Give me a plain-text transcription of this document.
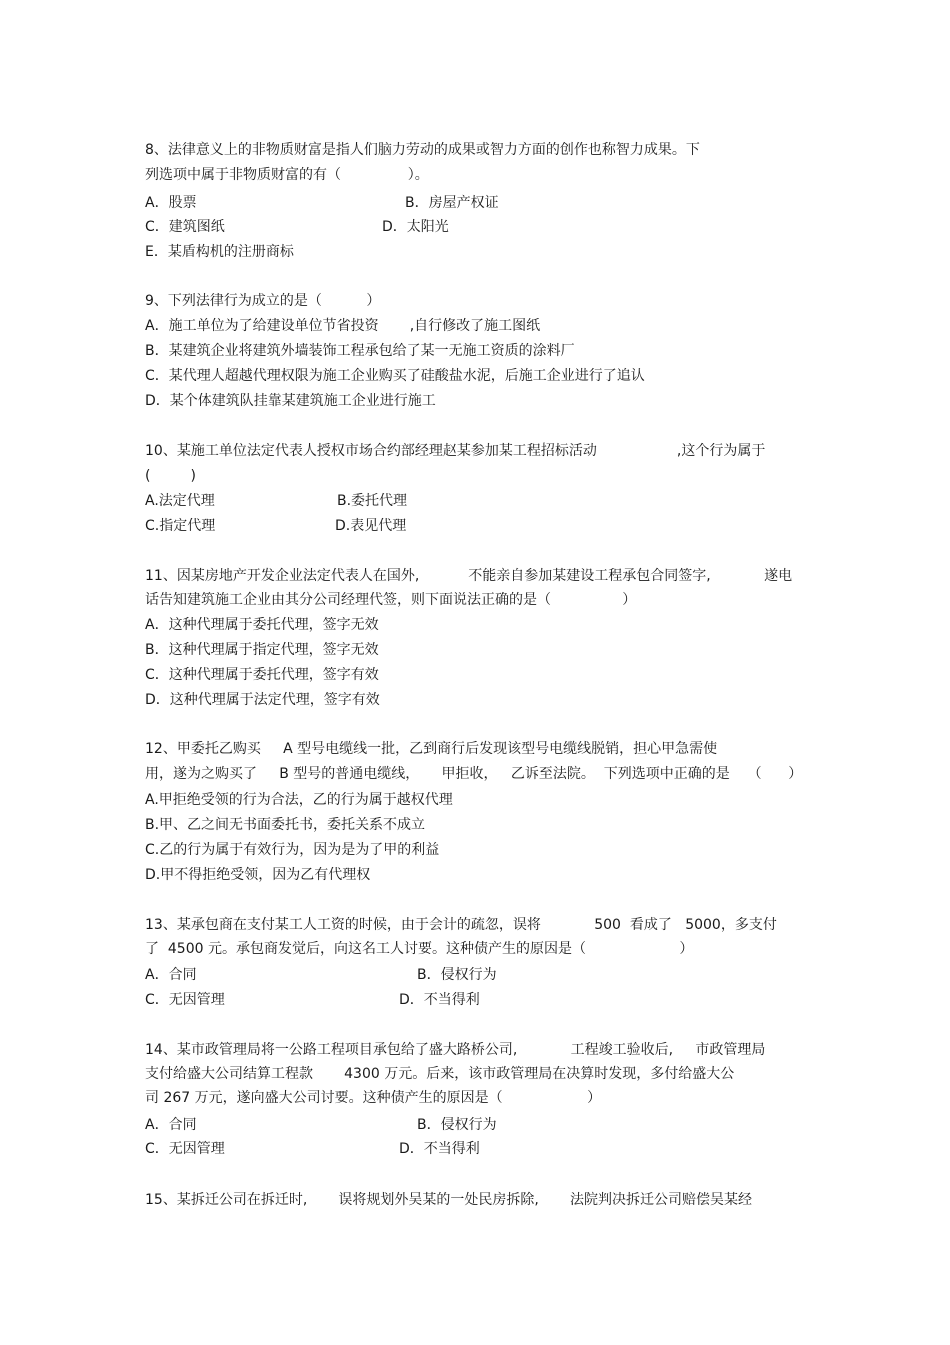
8、法律意义上的非物质财富是指人们脑力劳动的成果或智力方面的创作也称智力成果。下
列选项中属于非物质财富的有（               ）。
A．股票	B．房屋产权证
C．建筑图纸	D．太阳光
E．某盾构机的注册商标
9、下列法律行为成立的是（          ）
A．施工单位为了给建设单位节省投资       ,自行修改了施工图纸
B．某建筑企业将建筑外墙装饰工程承包给了某一无施工资质的涂料厂
C．某代理人超越代理权限为施工企业购买了硅酸盐水泥，后施工企业进行了追认
D．某个体建筑队挂靠某建筑施工企业进行施工
10、某施工单位法定代表人授权市场合约部经理赵某参加某工程招标活动                  ,这个行为属于
(         )
A.法定代理	B.委托代理
C.指定代理	D.表见代理
11、因某房地产开发企业法定代表人在国外,           不能亲自参加某建设工程承包合同签字,            遂电
话告知建筑施工企业由其分公司经理代签，则下面说法正确的是（                ）
A．这种代理属于委托代理，签字无效
B．这种代理属于指定代理，签字无效
C．这种代理属于委托代理，签字有效
D．这种代理属于法定代理，签字有效
12、甲委托乙购买     A 型号电缆线一批，乙到商行后发现该型号电缆线脱销，担心甲急需使
用，遂为之购买了     B 型号的普通电缆线，     甲拒收，   乙诉至法院。  下列选项中正确的是    （      ）
A.甲拒绝受领的行为合法，乙的行为属于越权代理
B.甲、乙之间无书面委托书，委托关系不成立
C.乙的行为属于有效行为，因为是为了甲的利益
D.甲不得拒绝受领，因为乙有代理权
13、某承包商在支付某工人工资的时候，由于会计的疏忽，误将            500  看成了   5000，多支付
了  4500 元。承包商发觉后，向这名工人讨要。这种债产生的原因是（                     ）
A．合同	B．侵权行为
C．无因管理	D．不当得利
14、某市政管理局将一公路工程项目承包给了盛大路桥公司,            工程竣工验收后,     市政管理局
支付给盛大公司结算工程款       4300 万元。后来，该市政管理局在决算时发现，多付给盛大公
司 267 万元，遂向盛大公司讨要。这种债产生的原因是（                   ）
A．合同	B．侵权行为
C．无因管理	D．不当得利
15、某拆迁公司在拆迁时,       误将规划外吴某的一处民房拆除,       法院判决拆迁公司赔偿吴某经
